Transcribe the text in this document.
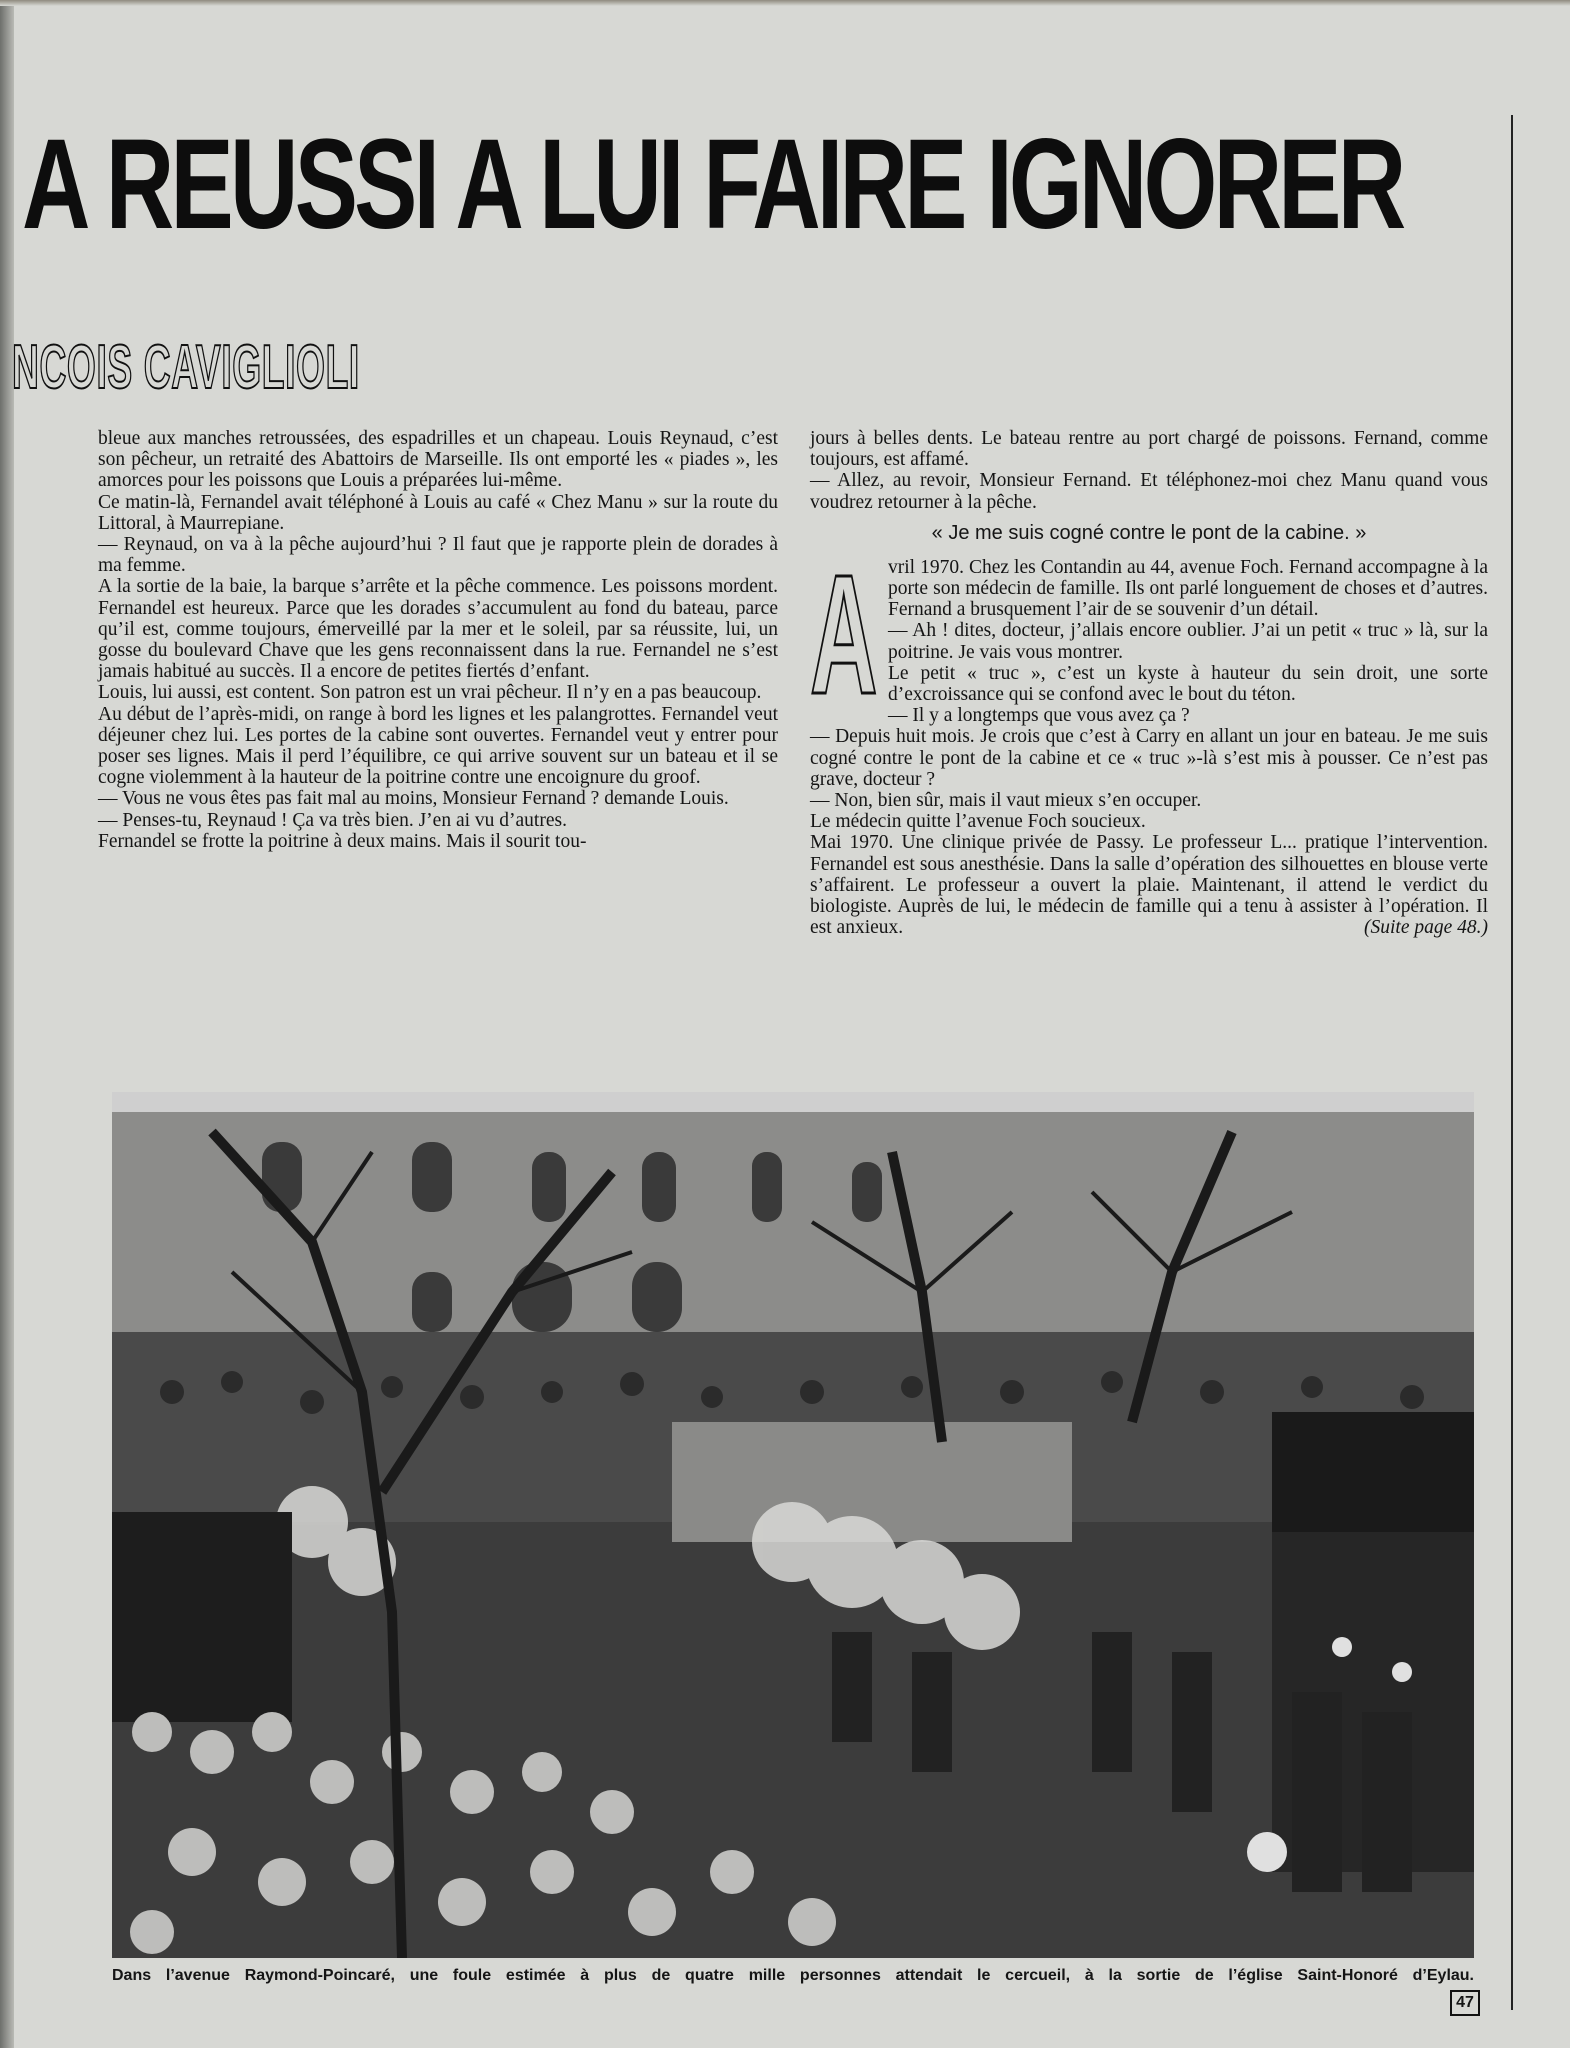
A REUSSI A LUI FAIRE IGNORER
NCOIS CAVIGLIOLI

bleue aux manches retroussées, des espadrilles et un chapeau. Louis Reynaud, c’est son pêcheur, un retraité des Abattoirs de Marseille. Ils ont emporté les « piades », les amorces pour les poissons que Louis a préparées lui-même.

Ce matin-là, Fernandel avait téléphoné à Louis au café « Chez Manu » sur la route du Littoral, à Maurrepiane.

— Reynaud, on va à la pêche aujourd’hui ? Il faut que je rapporte plein de dorades à ma femme.

A la sortie de la baie, la barque s’arrête et la pêche commence. Les poissons mordent. Fernandel est heureux. Parce que les dorades s’accumulent au fond du bateau, parce qu’il est, comme toujours, émerveillé par la mer et le soleil, par sa réussite, lui, un gosse du boulevard Chave que les gens reconnaissent dans la rue. Fernandel ne s’est jamais habitué au succès. Il a encore de petites fiertés d’enfant.

Louis, lui aussi, est content. Son patron est un vrai pêcheur. Il n’y en a pas beaucoup.

Au début de l’après-midi, on range à bord les lignes et les palangrottes. Fernandel veut déjeuner chez lui. Les portes de la cabine sont ouvertes. Fernandel veut y entrer pour poser ses lignes. Mais il perd l’équilibre, ce qui arrive souvent sur un bateau et il se cogne violemment à la hauteur de la poitrine contre une encoignure du groof.

— Vous ne vous êtes pas fait mal au moins, Monsieur Fernand ? demande Louis.

— Penses-tu, Reynaud ! Ça va très bien. J’en ai vu d’autres.

Fernandel se frotte la poitrine à deux mains. Mais il sourit tou-

jours à belles dents. Le bateau rentre au port chargé de poissons. Fernand, comme toujours, est affamé.

— Allez, au revoir, Monsieur Fernand. Et téléphonez-moi chez Manu quand vous voudrez retourner à la pêche.

« Je me suis cogné contre le pont de la cabine. »
A vril 1970. Chez les Contandin au 44, avenue Foch. Fernand accompagne à la porte son médecin de famille. Ils ont parlé longuement de choses et d’autres. Fernand a brusquement l’air de se souvenir d’un détail.

— Ah ! dites, docteur, j’allais encore oublier. J’ai un petit « truc » là, sur la poitrine. Je vais vous montrer.

Le petit « truc », c’est un kyste à hauteur du sein droit, une sorte d’excroissance qui se confond avec le bout du téton.

— Il y a longtemps que vous avez ça ?

— Depuis huit mois. Je crois que c’est à Carry en allant un jour en bateau. Je me suis cogné contre le pont de la cabine et ce « truc »-là s’est mis à pousser. Ce n’est pas grave, docteur ?

— Non, bien sûr, mais il vaut mieux s’en occuper.

Le médecin quitte l’avenue Foch soucieux.

Mai 1970. Une clinique privée de Passy. Le professeur L... pratique l’intervention. Fernandel est sous anesthésie. Dans la salle d’opération des silhouettes en blouse verte s’affairent. Le professeur a ouvert la plaie. Maintenant, il attend le verdict du biologiste. Auprès de lui, le médecin de famille qui a tenu à assister à l’opération. Il est anxieux.	(Suite page 48.)

Dans l’avenue Raymond-Poincaré, une foule estimée à plus de quatre mille personnes attendait le cercueil, à la sortie de l’église Saint-Honoré d’Eylau.
47
